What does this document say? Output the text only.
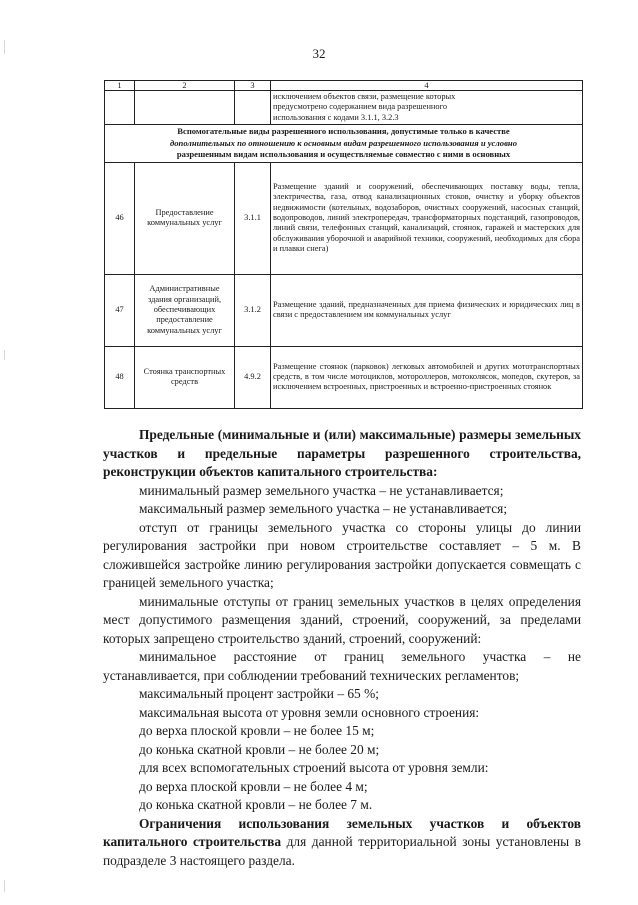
32
1	2	3	4

			исключением объектов связи, размещение которых
предусмотрено содержанием вида разрешенного
использования с кодами 3.1.1, 3.2.3

Вспомогательные виды разрешенного использования, допустимые только в качестве
дополнительных по отношению к основным видам разрешенного использования и условно
разрешенным видам использования и осуществляемые совместно с ними в основных			
46	Предоставление коммунальных услуг	3.1.1	Размещение зданий и сооружений, обеспечивающих поставку воды, тепла, электричества, газа, отвод канализационных стоков, очистку и уборку объектов недвижимости (котельных, водозаборов, очистных сооружений, насосных станций, водопроводов, линий электропередач, трансформаторных подстанций, газопроводов, линий связи, телефонных станций, канализаций, стоянок, гаражей и мастерских для обслуживания уборочной и аварийной техники, сооружений, необходимых для сбора и плавки снега)
47	Административные здания организаций, обеспечивающих предоставление коммунальных услуг	3.1.2	Размещение зданий, предназначенных для приема физических и юридических лиц в связи с предоставлением им коммунальных услуг
48	Стоянка транспортных средств	4.9.2	Размещение стоянок (парковок) легковых автомобилей и других мототранспортных средств, в том числе мотоциклов, мотороллеров, мотоколясок, мопедов, скутеров, за исключением встроенных, пристроенных и встроенно-пристроенных стоянок

Предельные (минимальные и (или) максимальные) размеры земельных участков и предельные параметры разрешенного строительства, реконструкции объектов капитального строительства:

минимальный размер земельного участка – не устанавливается;

максимальный размер земельного участка – не устанавливается;

отступ от границы земельного участка со стороны улицы до линии регулирования застройки при новом строительстве составляет – 5 м. В сложившейся застройке линию регулирования застройки допускается совмещать с границей земельного участка;

минимальные отступы от границ земельных участков в целях определения мест допустимого размещения зданий, строений, сооружений, за пределами которых запрещено строительство зданий, строений, сооружений:

минимальное расстояние от границ земельного участка – не устанавливается, при соблюдении требований технических регламентов;

максимальный процент застройки – 65 %;

максимальная высота от уровня земли основного строения:

до верха плоской кровли – не более 15 м;

до конька скатной кровли – не более 20 м;

для всех вспомогательных строений высота от уровня земли:

до верха плоской кровли – не более 4 м;

до конька скатной кровли – не более 7 м.

Ограничения использования земельных участков и объектов капитального строительства для данной территориальной зоны установлены в подразделе 3 настоящего раздела.
